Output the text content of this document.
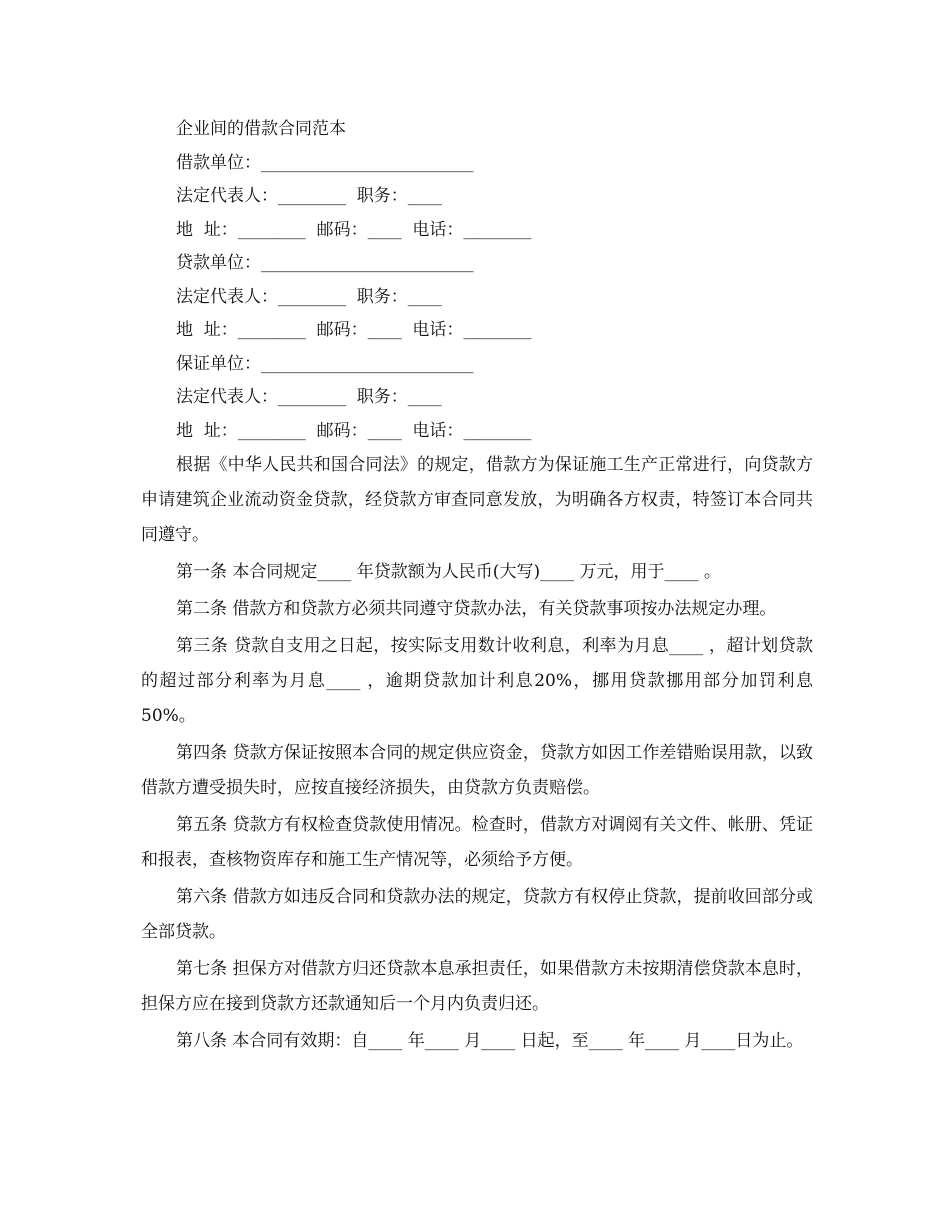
企业间的借款合同范本
借款单位：_________________________
法定代表人：________  职务：____
地  址：________  邮码：____  电话：________
贷款单位：_________________________
法定代表人：________  职务：____
地  址：________  邮码：____  电话：________
保证单位：_________________________
法定代表人：________  职务：____
地  址：________  邮码：____  电话：________

根据《中华人民共和国合同法》的规定，借款方为保证施工生产正常进行，向贷款方申请建筑企业流动资金贷款，经贷款方审查同意发放，为明确各方权责，特签订本合同共同遵守。

第一条 本合同规定____ 年贷款额为人民币(大写)____ 万元，用于____ 。

第二条 借款方和贷款方必须共同遵守贷款办法，有关贷款事项按办法规定办理。

第三条 贷款自支用之日起，按实际支用数计收利息，利率为月息____ ，超计划贷款的超过部分利率为月息____ ，逾期贷款加计利息20%，挪用贷款挪用部分加罚利息50%。

第四条 贷款方保证按照本合同的规定供应资金，贷款方如因工作差错贻误用款，以致借款方遭受损失时，应按直接经济损失，由贷款方负责赔偿。

第五条 贷款方有权检查贷款使用情况。检查时，借款方对调阅有关文件、帐册、凭证和报表，查核物资库存和施工生产情况等，必须给予方便。

第六条 借款方如违反合同和贷款办法的规定，贷款方有权停止贷款，提前收回部分或全部贷款。

第七条 担保方对借款方归还贷款本息承担责任，如果借款方未按期清偿贷款本息时，担保方应在接到贷款方还款通知后一个月内负责归还。

第八条 本合同有效期：自____ 年____ 月____ 日起，至____ 年____ 月____日为止。
